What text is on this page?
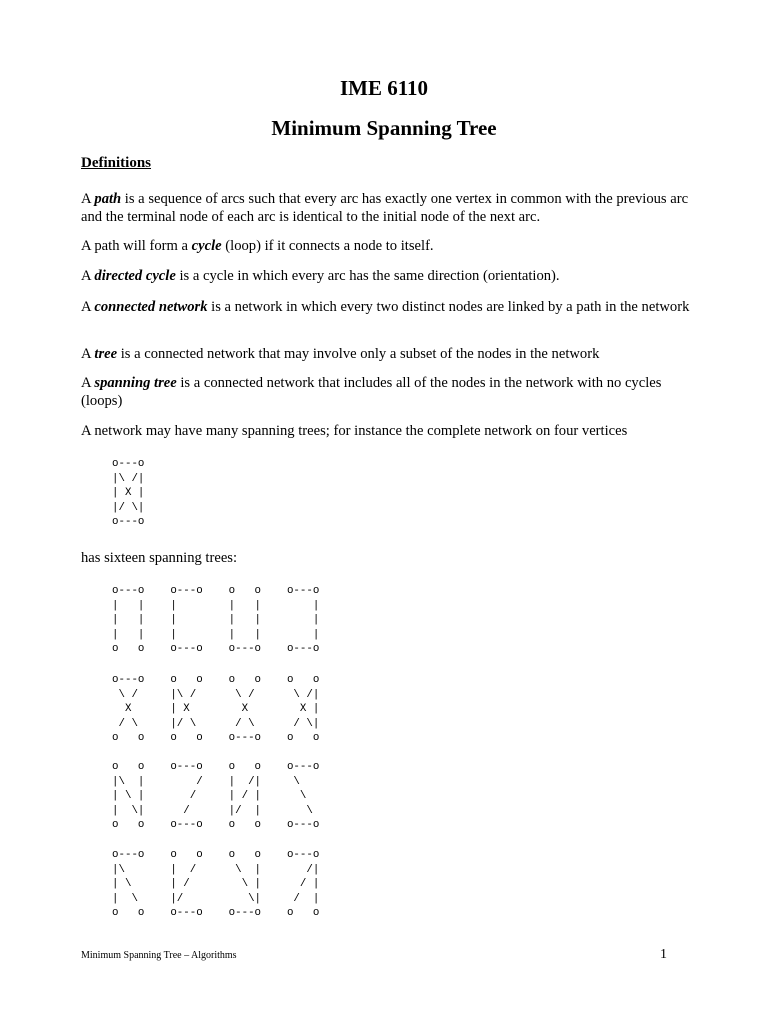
IME 6110
Minimum Spanning Tree
Definitions

A path is a sequence of arcs such that every arc has exactly one vertex in common with the previous arc and the terminal node of each arc is identical to the initial node of the next arc.

A path will form a cycle (loop) if it connects a node to itself.

A directed cycle is a cycle in which every arc has the same direction (orientation).

A connected network is a network in which every two distinct nodes are linked by a path in the network

A tree is a connected network that may involve only a subset of the nodes in the network

A spanning tree is a connected network that includes all of the nodes in the network with no cycles (loops)

A network may have many spanning trees; for instance the complete network on four vertices

o---o
|\ /|
| X |
|/ \|
o---o

has sixteen spanning trees:

o---o    o---o    o   o    o---o
|   |    |        |   |        |
|   |    |        |   |        |
|   |    |        |   |        |
o   o    o---o    o---o    o---o
o---o    o   o    o   o    o   o
\ /     |\ /      \ /      \ /|
X      | X        X        X |
/ \     |/ \      / \      / \|
o   o    o   o    o---o    o   o
o   o    o---o    o   o    o---o
|\  |        /    |  /|     \
| \ |       /     | / |      \
|  \|      /      |/  |       \
o   o    o---o    o   o    o---o
o---o    o   o    o   o    o---o
|\       |  /      \  |       /|
| \      | /        \ |      / |
|  \     |/          \|     /  |
o   o    o---o    o---o    o   o
Minimum Spanning Tree – Algorithms	1
